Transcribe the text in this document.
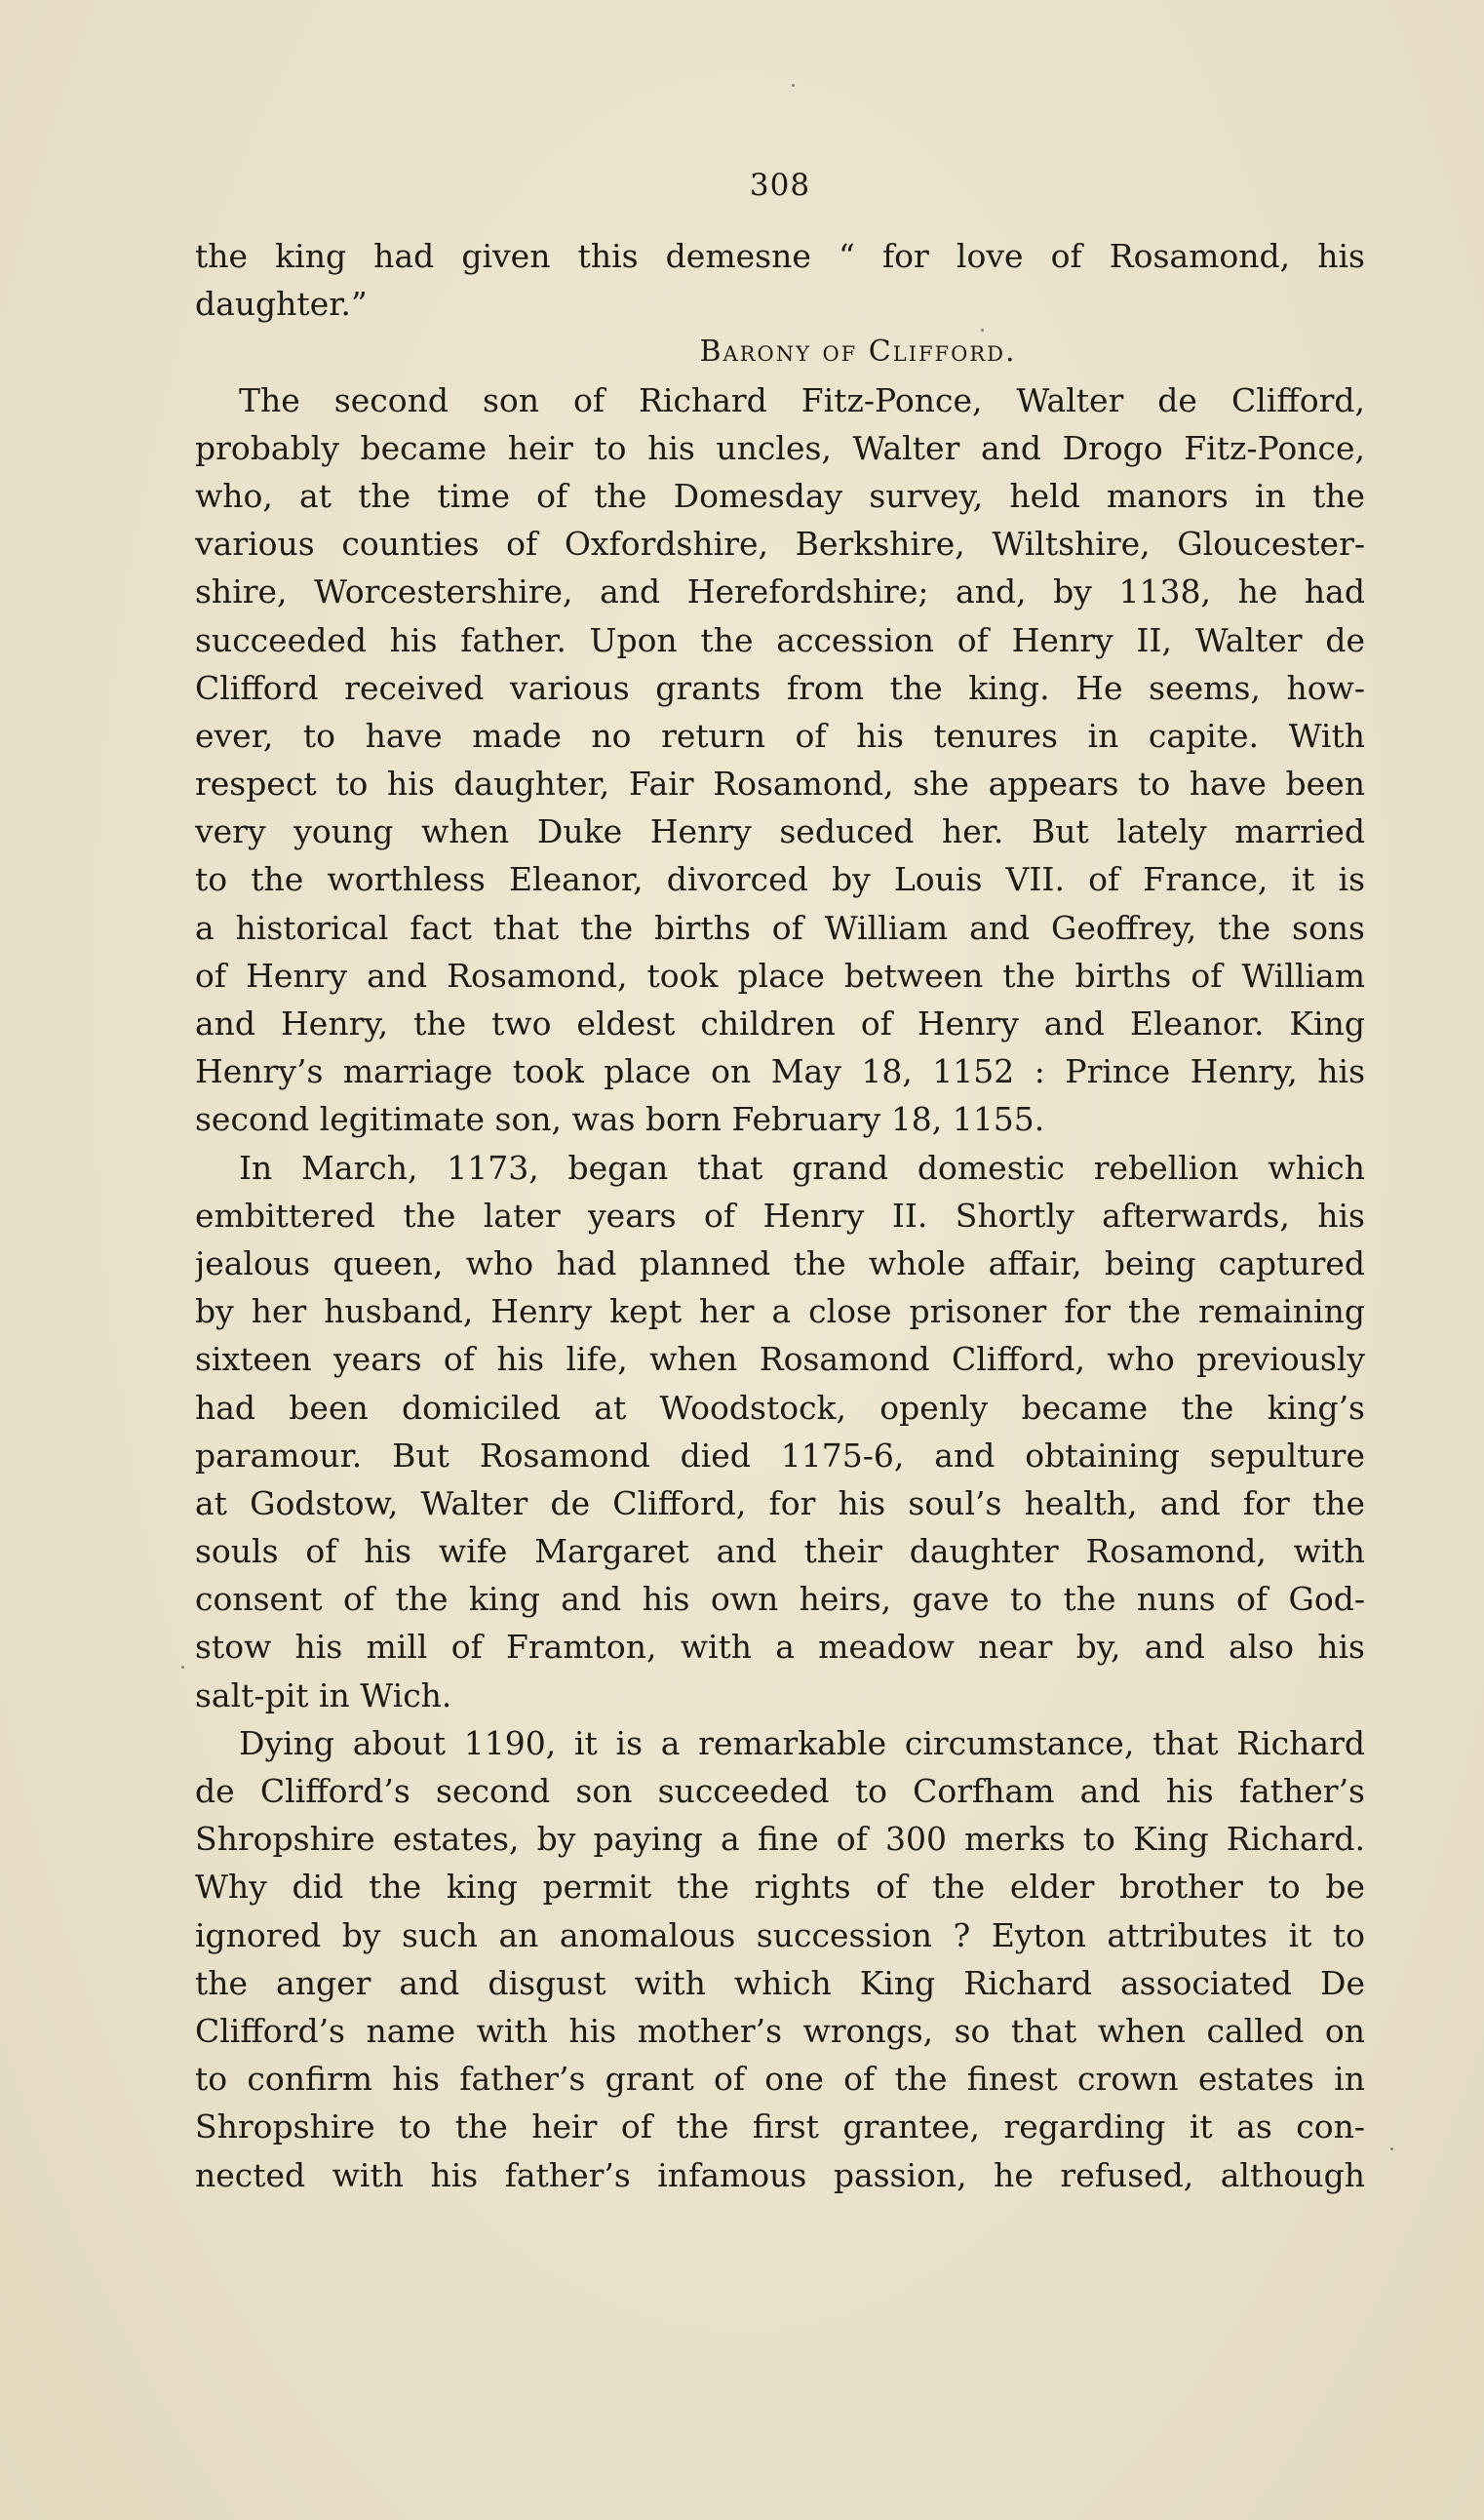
308
the king had given this demesne “ for love of Rosamond, his
daughter.”
Barony of Clifford.
The second son of Richard Fitz-Ponce, Walter de Clifford,
probably became heir to his uncles, Walter and Drogo Fitz-Ponce,
who, at the time of the Domesday survey, held manors in the
various counties of Oxfordshire, Berkshire, Wiltshire, Gloucester-
shire, Worcestershire, and Herefordshire; and, by 1138, he had
succeeded his father. Upon the accession of Henry II, Walter de
Clifford received various grants from the king. He seems, how-
ever, to have made no return of his tenures in capite. With
respect to his daughter, Fair Rosamond, she appears to have been
very young when Duke Henry seduced her. But lately married
to the worthless Eleanor, divorced by Louis VII. of France, it is
a historical fact that the births of William and Geoffrey, the sons
of Henry and Rosamond, took place between the births of William
and Henry, the two eldest children of Henry and Eleanor. King
Henry’s marriage took place on May 18, 1152 : Prince Henry, his
second legitimate son, was born February 18, 1155.
In March, 1173, began that grand domestic rebellion which
embittered the later years of Henry II. Shortly afterwards, his
jealous queen, who had planned the whole affair, being captured
by her husband, Henry kept her a close prisoner for the remaining
sixteen years of his life, when Rosamond Clifford, who previously
had been domiciled at Woodstock, openly became the king’s
paramour. But Rosamond died 1175-6, and obtaining sepulture
at Godstow, Walter de Clifford, for his soul’s health, and for the
souls of his wife Margaret and their daughter Rosamond, with
consent of the king and his own heirs, gave to the nuns of God-
stow his mill of Framton, with a meadow near by, and also his
salt-pit in Wich.
Dying about 1190, it is a remarkable circumstance, that Richard
de Clifford’s second son succeeded to Corfham and his father’s
Shropshire estates, by paying a fine of 300 merks to King Richard.
Why did the king permit the rights of the elder brother to be
ignored by such an anomalous succession ? Eyton attributes it to
the anger and disgust with which King Richard associated De
Clifford’s name with his mother’s wrongs, so that when called on
to confirm his father’s grant of one of the finest crown estates in
Shropshire to the heir of the first grantee, regarding it as con-
nected with his father’s infamous passion, he refused, although
